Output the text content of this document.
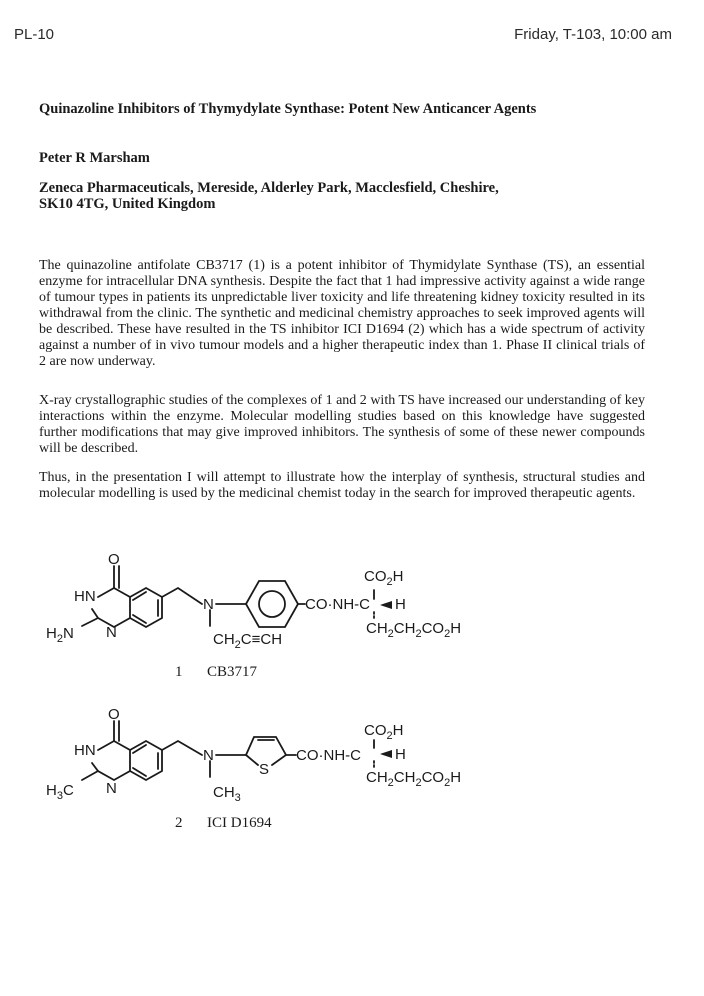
PL-10	Friday, T-103, 10:00 am
Quinazoline Inhibitors of Thymydylate Synthase: Potent New Anticancer Agents
Peter R Marsham
Zeneca Pharmaceuticals, Mereside, Alderley Park, Macclesfield, Cheshire,
SK10 4TG, United Kingdom

The quinazoline antifolate CB3717 (1) is a potent inhibitor of Thymidylate Synthase (TS), an essential enzyme for intracellular DNA synthesis. Despite the fact that 1 had impressive activity against a wide range of tumour types in patients its unpredictable liver toxicity and life threatening kidney toxicity resulted in its withdrawal from the clinic. The synthetic and medicinal chemistry approaches to seek improved agents will be described. These have resulted in the TS inhibitor ICI D1694 (2) which has a wide spectrum of activity against a number of in vivo tumour models and a higher therapeutic index than 1. Phase II clinical trials of 2 are now underway.

X-ray crystallographic studies of the complexes of 1 and 2 with TS have increased our understanding of key interactions within the enzyme. Molecular modelling studies based on this knowledge have suggested further modifications that may give improved inhibitors. The synthesis of some of these newer compounds will be described.

Thus, in the presentation I will attempt to illustrate how the interplay of synthesis, structural studies and molecular modelling is used by the medicinal chemist today in the search for improved therapeutic agents.

O
HN
$H_2N$ N
N	CO·NH-C H
$CO_2H$
$CH_2CH_2CO_2H$
$CH_2C\equiv CH$
1 CB3717
O
HN
$H_3C$ N
N
S
CO·NH-C H
$CO_2H$
$CH_2CH_2CO_2H$
$CH_3$
2 ICI D1694
